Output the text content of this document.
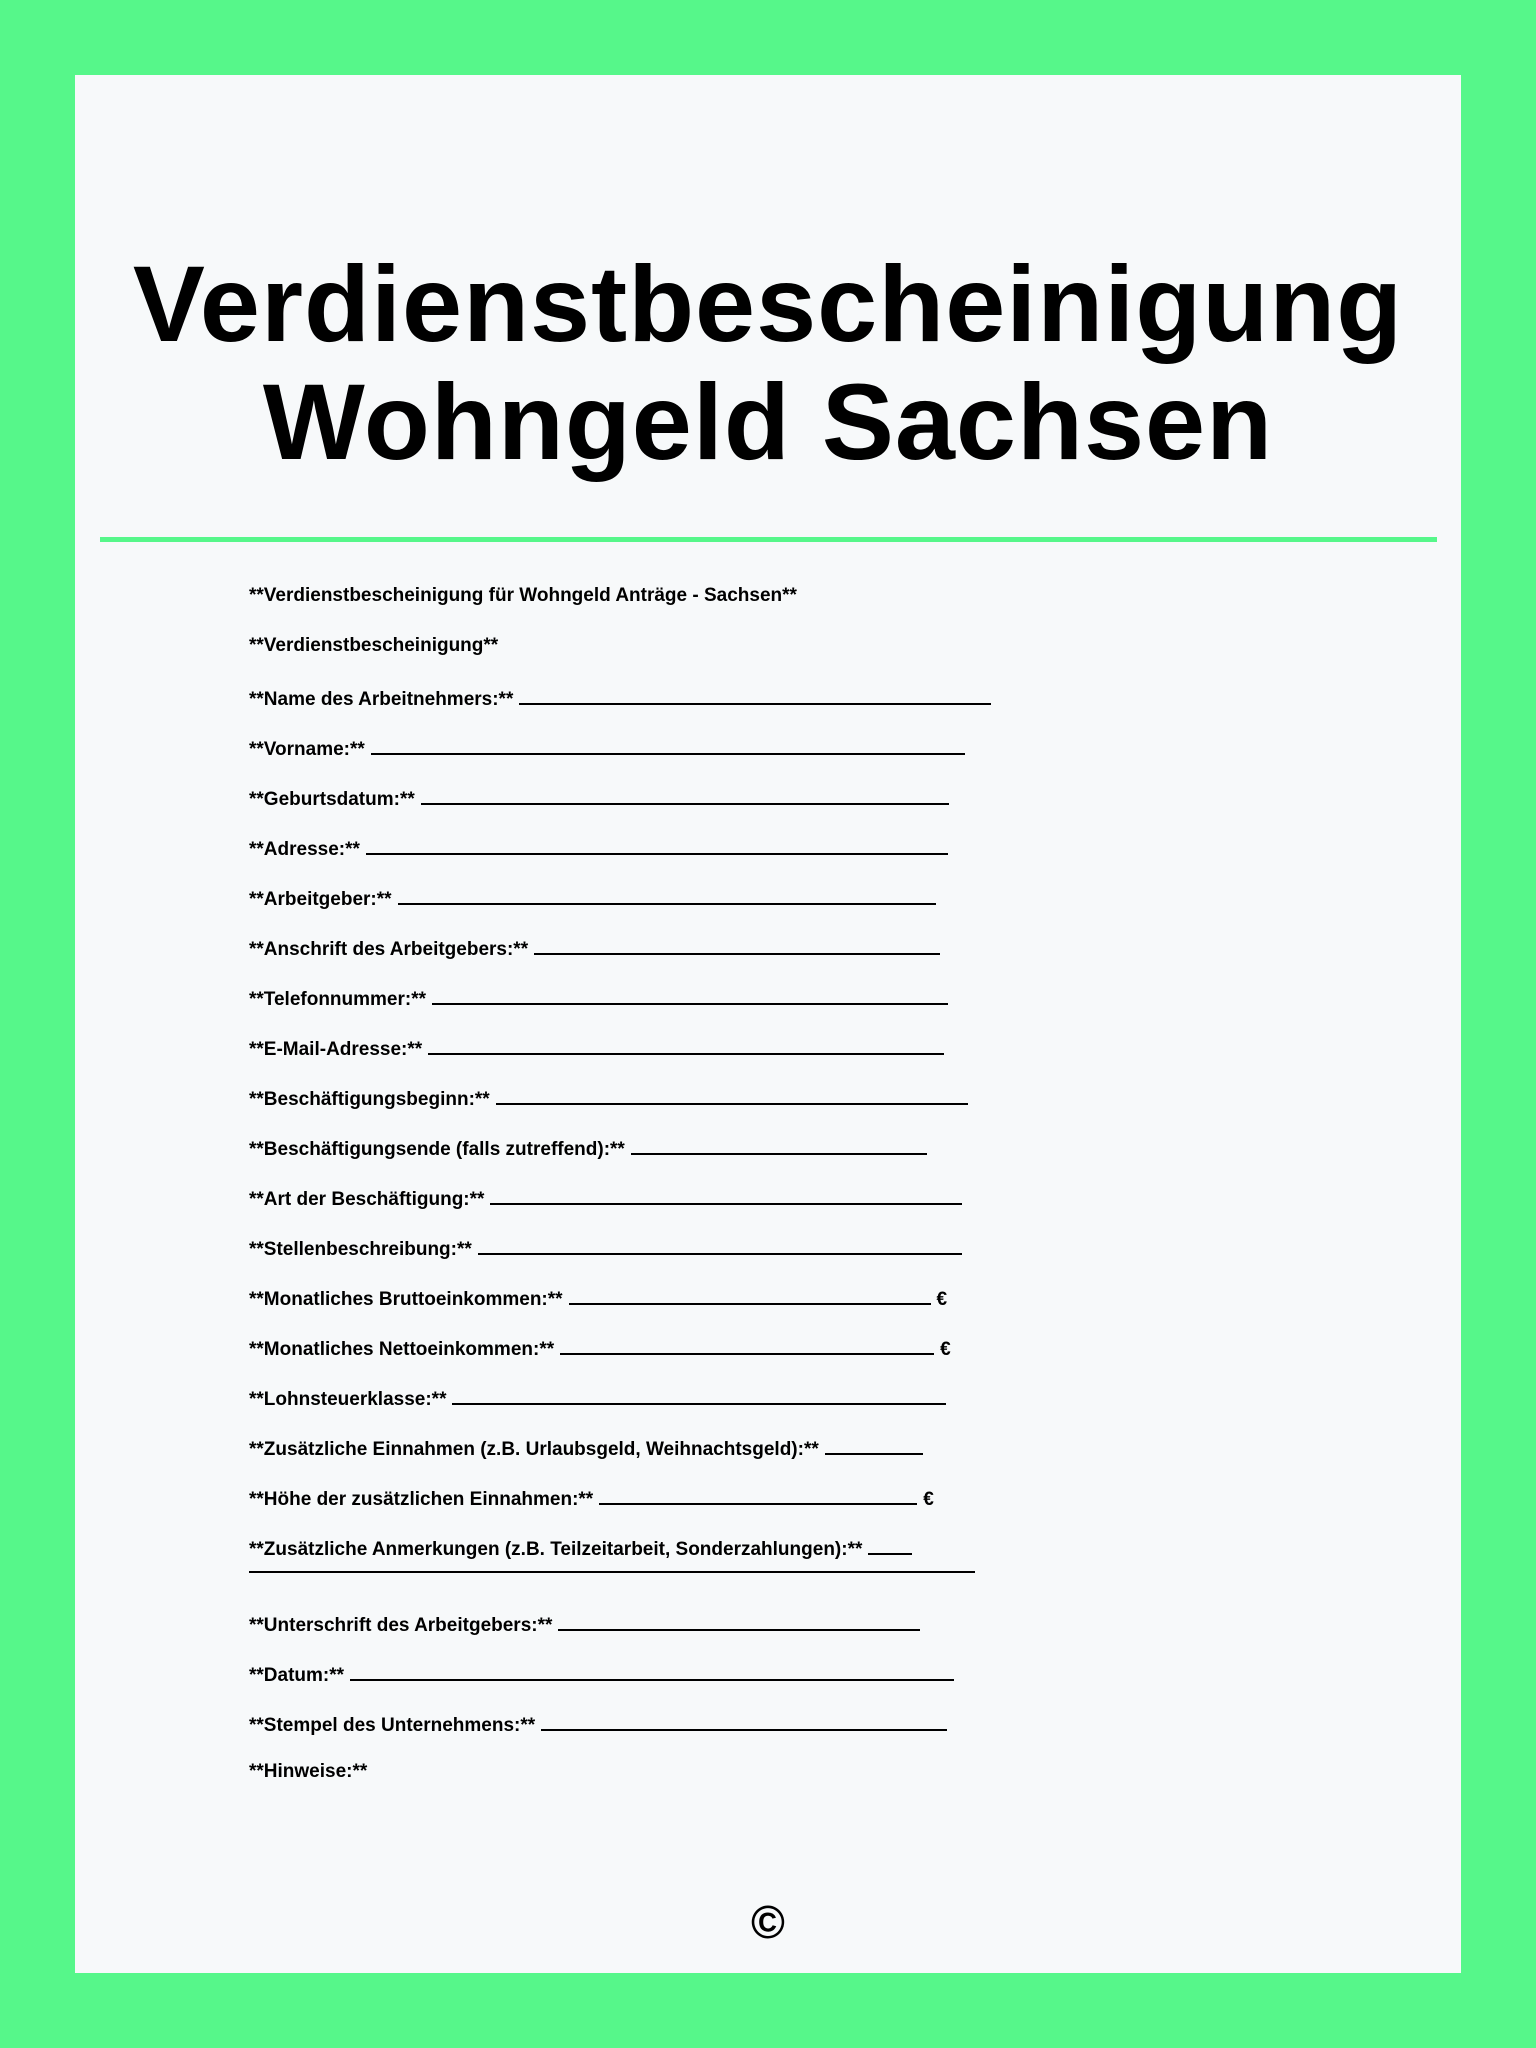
Verdienstbescheinigung
Wohngeld Sachsen
**Verdienstbescheinigung für Wohngeld Anträge - Sachsen**
**Verdienstbescheinigung**
**Name des Arbeitnehmers:**
**Vorname:**
**Geburtsdatum:**
**Adresse:**
**Arbeitgeber:**
**Anschrift des Arbeitgebers:**
**Telefonnummer:**
**E-Mail-Adresse:**
**Beschäftigungsbeginn:**
**Beschäftigungsende (falls zutreffend):**
**Art der Beschäftigung:**
**Stellenbeschreibung:**
**Monatliches Bruttoeinkommen:**	€
**Monatliches Nettoeinkommen:**	€
**Lohnsteuerklasse:**
**Zusätzliche Einnahmen (z.B. Urlaubsgeld, Weihnachtsgeld):**
**Höhe der zusätzlichen Einnahmen:**	€
**Zusätzliche Anmerkungen (z.B. Teilzeitarbeit, Sonderzahlungen):**
**Unterschrift des Arbeitgebers:**
**Datum:**
**Stempel des Unternehmens:**
**Hinweise:**
©
